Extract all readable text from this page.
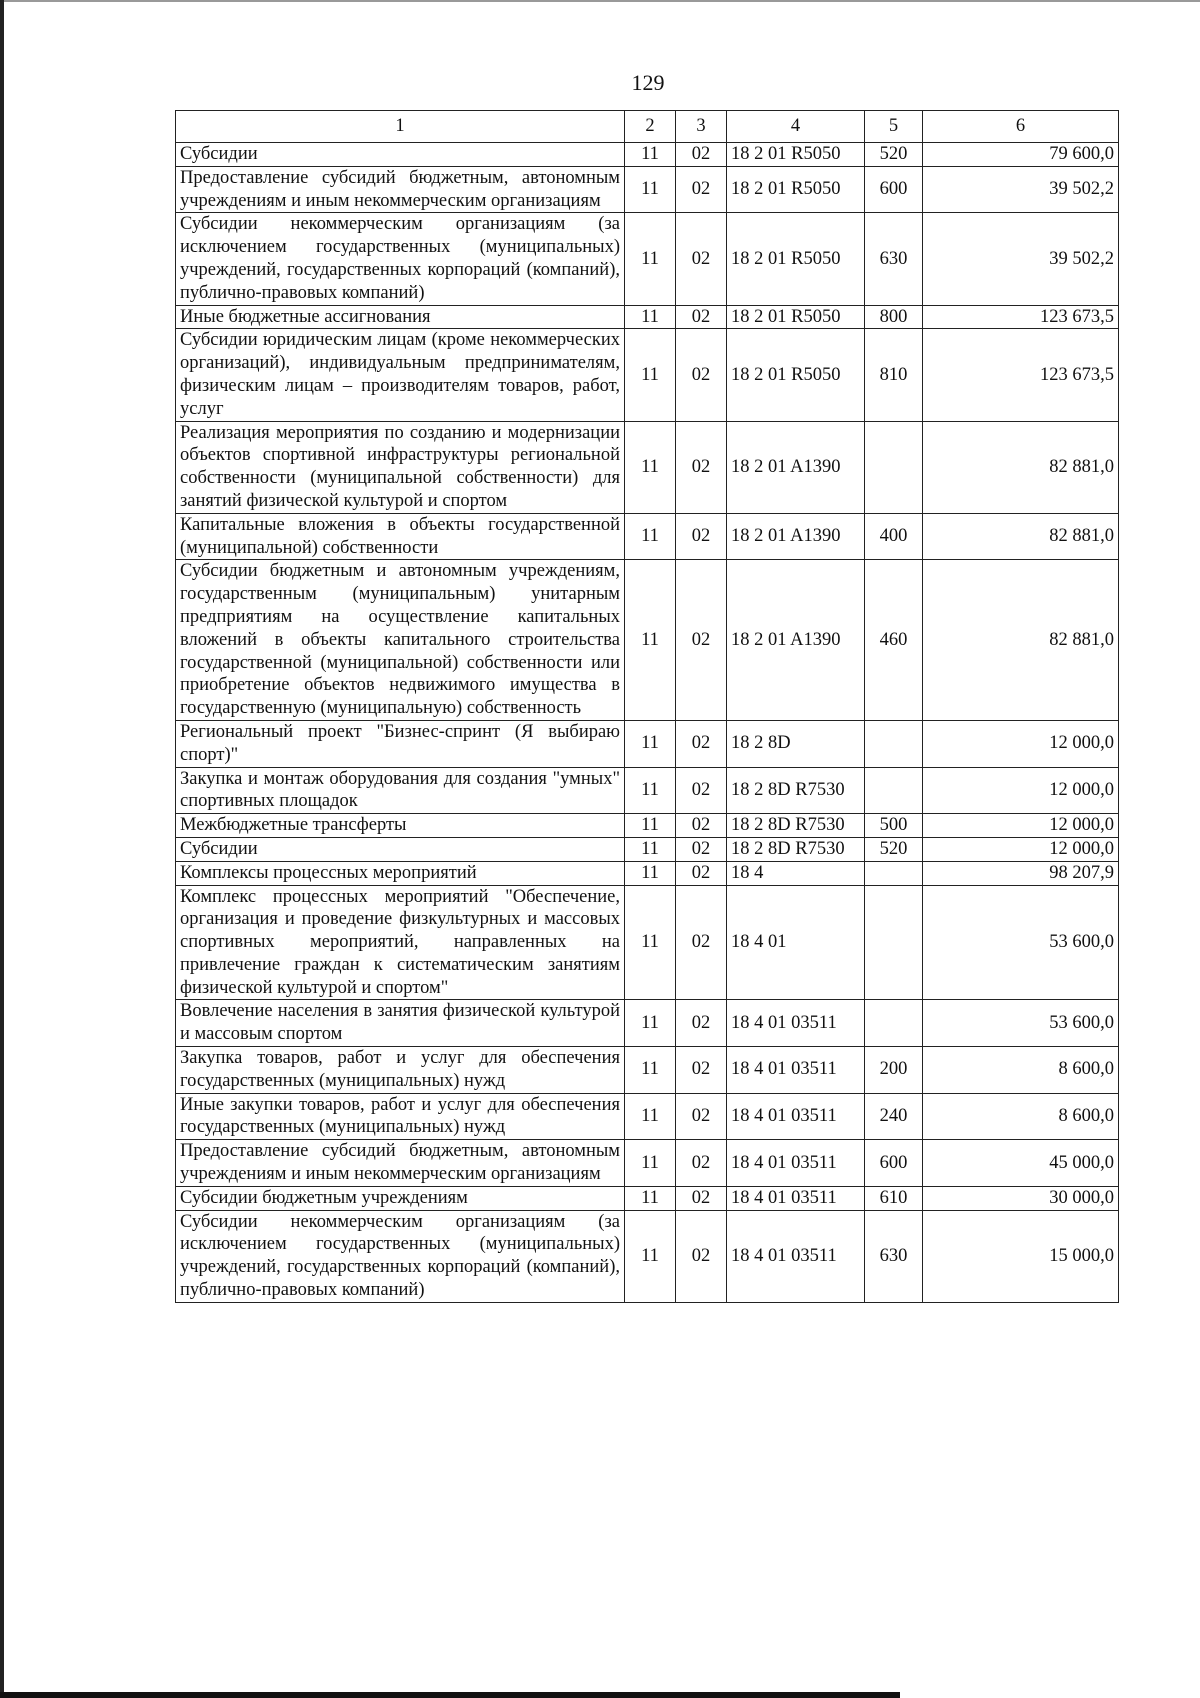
129
1	2	3	4	5	6
Субсидии	11	02	18 2 01 R5050	520	79 600,0
Предоставление субсидий бюджетным, автономным учреждениям и иным некоммерческим организациям	11	02	18 2 01 R5050	600	39 502,2
Субсидии некоммерческим организациям (за исключением государственных (муниципальных) учреждений, государственных корпораций (компаний), публично-правовых компаний)	11	02	18 2 01 R5050	630	39 502,2
Иные бюджетные ассигнования	11	02	18 2 01 R5050	800	123 673,5
Субсидии юридическим лицам (кроме некоммерческих организаций), индивидуальным предпринимателям, физическим лицам – производителям товаров, работ, услуг	11	02	18 2 01 R5050	810	123 673,5
Реализация мероприятия по созданию и модернизации объектов спортивной инфраструктуры региональной собственности (муниципальной собственности) для занятий физической культурой и спортом	11	02	18 2 01 A1390		82 881,0
Капитальные вложения в объекты государственной (муниципальной) собственности	11	02	18 2 01 A1390	400	82 881,0
Субсидии бюджетным и автономным учреждениям, государственным (муниципальным) унитарным предприятиям на осуществление капитальных вложений в объекты капитального строительства государственной (муниципальной) собственности или приобретение объектов недвижимого имущества в государственную (муниципальную) собственность	11	02	18 2 01 A1390	460	82 881,0
Региональный проект "Бизнес-спринт (Я выбираю спорт)"	11	02	18 2 8D		12 000,0
Закупка и монтаж оборудования для создания "умных" спортивных площадок	11	02	18 2 8D R7530		12 000,0
Межбюджетные трансферты	11	02	18 2 8D R7530	500	12 000,0
Субсидии	11	02	18 2 8D R7530	520	12 000,0
Комплексы процессных мероприятий	11	02	18 4		98 207,9
Комплекс процессных мероприятий "Обеспечение, организация и проведение физкультурных и массовых спортивных мероприятий, направленных на привлечение граждан к систематическим занятиям физической культурой и спортом"	11	02	18 4 01		53 600,0
Вовлечение населения в занятия физической культурой и массовым спортом	11	02	18 4 01 03511		53 600,0
Закупка товаров, работ и услуг для обеспечения государственных (муниципальных) нужд	11	02	18 4 01 03511	200	8 600,0
Иные закупки товаров, работ и услуг для обеспечения государственных (муниципальных) нужд	11	02	18 4 01 03511	240	8 600,0
Предоставление субсидий бюджетным, автономным учреждениям и иным некоммерческим организациям	11	02	18 4 01 03511	600	45 000,0
Субсидии бюджетным учреждениям	11	02	18 4 01 03511	610	30 000,0
Субсидии некоммерческим организациям (за исключением государственных (муниципальных) учреждений, государственных корпораций (компаний), публично-правовых компаний)	11	02	18 4 01 03511	630	15 000,0
